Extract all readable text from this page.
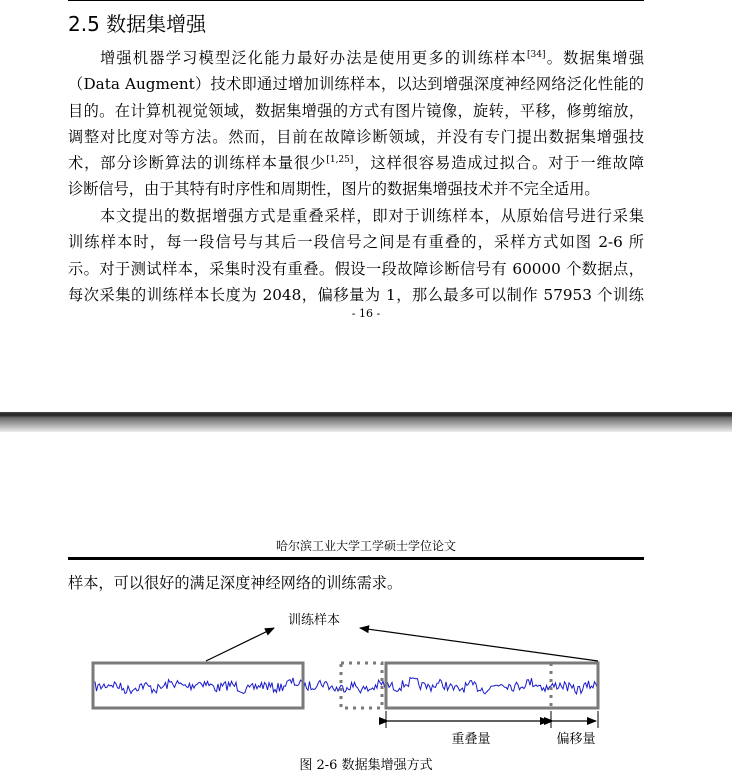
2.5 数据集增强
增强机器学习模型泛化能力最好办法是使用更多的训练样本[34]。数据集增强
（Data Augment）技术即通过增加训练样本，以达到增强深度神经网络泛化性能的
目的。在计算机视觉领域，数据集增强的方式有图片镜像，旋转，平移，修剪缩放，
调整对比度对等方法。然而，目前在故障诊断领域，并没有专门提出数据集增强技
术，部分诊断算法的训练样本量很少[1,25]，这样很容易造成过拟合。对于一维故障
诊断信号，由于其特有时序性和周期性，图片的数据集增强技术并不完全适用。
本文提出的数据增强方式是重叠采样，即对于训练样本，从原始信号进行采集
训练样本时，每一段信号与其后一段信号之间是有重叠的，采样方式如图 2-6 所
示。对于测试样本，采集时没有重叠。假设一段故障诊断信号有 60000 个数据点，
每次采集的训练样本长度为 2048，偏移量为 1，那么最多可以制作 57953 个训练
- 16 -
哈尔滨工业大学工学硕士学位论文
样本，可以很好的满足深度神经网络的训练需求。
训练样本
重叠量	偏移量
图 2-6 数据集增强方式
